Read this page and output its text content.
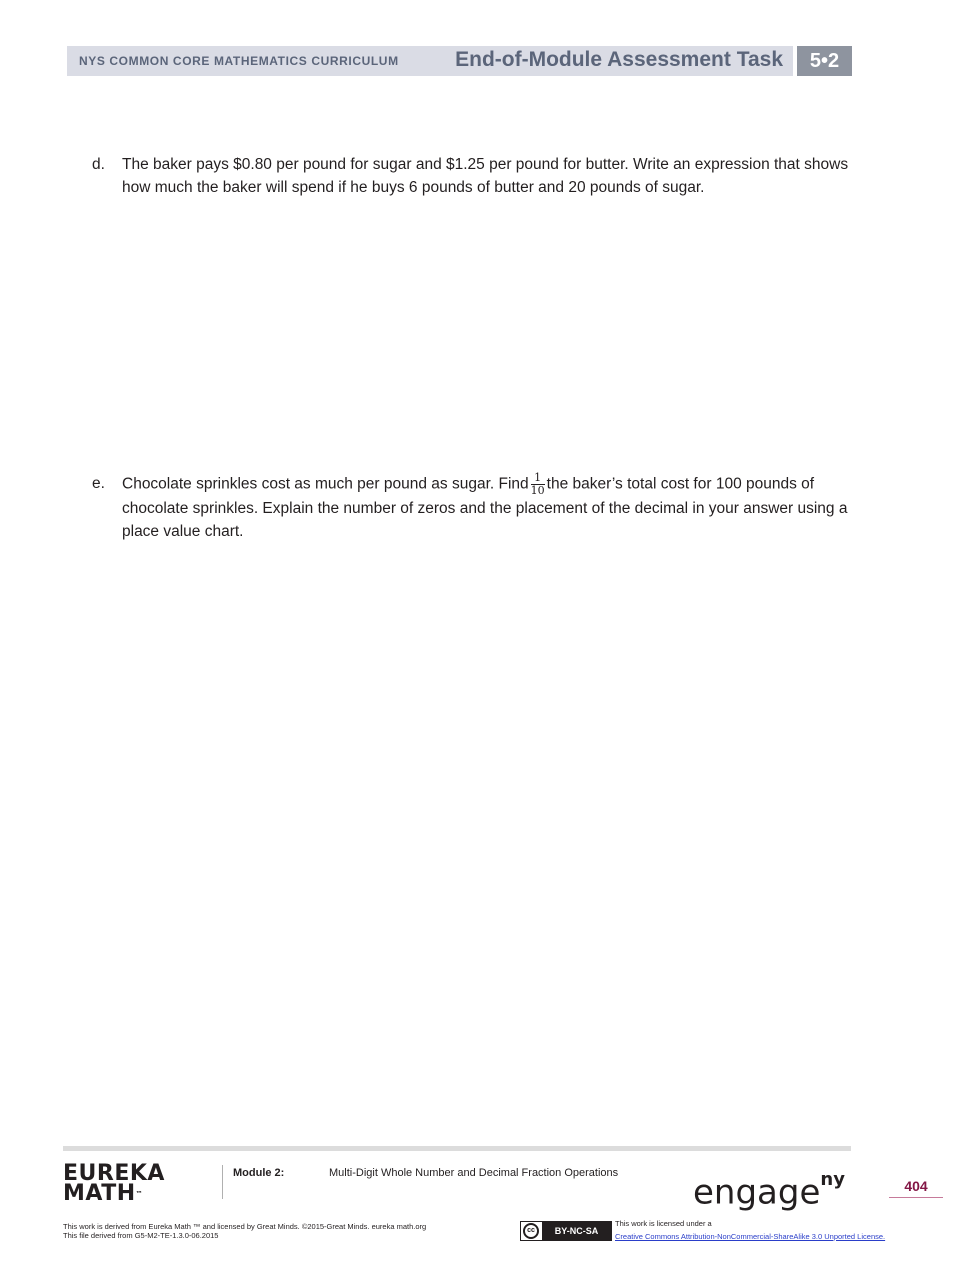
NYS COMMON CORE MATHEMATICS CURRICULUM	End-of-Module Assessment Task	5•2
d. The baker pays $0.80 per pound for sugar and $1.25 per pound for butter. Write an expression that shows how much the baker will spend if he buys 6 pounds of butter and 20 pounds of sugar.
e. Chocolate sprinkles cost as much per pound as sugar. Find $\frac{1}{10}$ the baker’s total cost for 100 pounds of chocolate sprinkles. Explain the number of zeros and the placement of the decimal in your answer using a place value chart.
EUREKA
MATH™
Module 2:	Multi-Digit Whole Number and Decimal Fraction Operations engage$^{ny}$	404
This work is derived from Eureka Math ™ and licensed by Great Minds. ©2015-Great Minds. eureka math.org
This file derived from G5-M2-TE-1.3.0-06.2015
cc	BY-NC-SA
This work is licensed under a
Creative Commons Attribution-NonCommercial-ShareAlike 3.0 Unported License.
